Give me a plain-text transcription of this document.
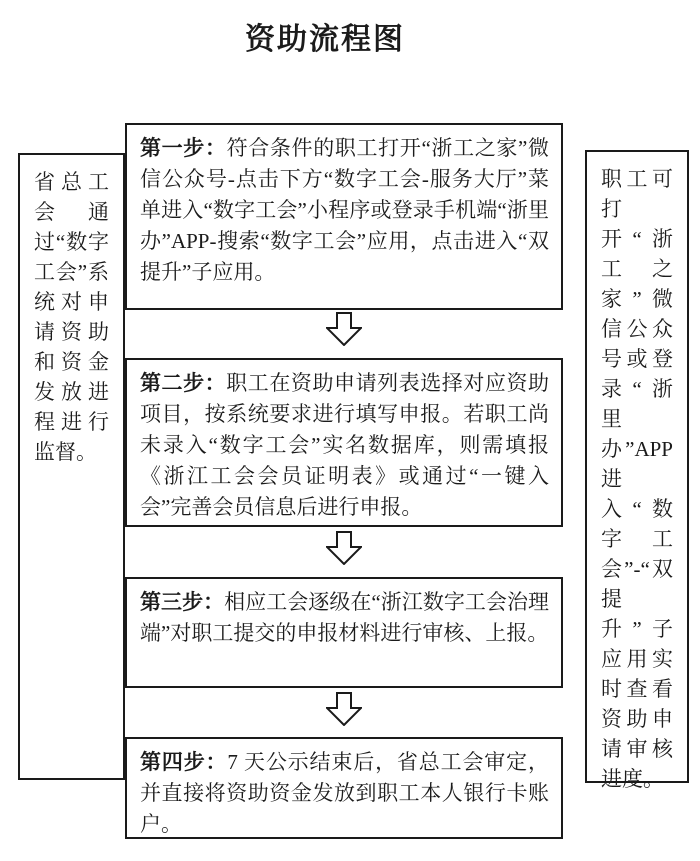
资助流程图

省总工会通过“数字工会”系统对申请资助和资金发放进程进行监督。

职工可打开“浙工之家”微信公众号或登录“浙里办”APP 进入“数字工会”-“双提升”子应用实时查看资助申请审核进度。

第一步：符合条件的职工打开“浙工之家”微信公众号-点击下方“数字工会-服务大厅”菜单进入“数字工会”小程序或登录手机端“浙里办”APP-搜索“数字工会”应用，点击进入“双提升”子应用。

第二步：职工在资助申请列表选择对应资助项目，按系统要求进行填写申报。若职工尚未录入“数字工会”实名数据库，则需填报《浙江工会会员证明表》或通过“一键入会”完善会员信息后进行申报。

第三步：相应工会逐级在“浙江数字工会治理端”对职工提交的申报材料进行审核、上报。

第四步：7 天公示结束后，省总工会审定，并直接将资助资金发放到职工本人银行卡账户。
